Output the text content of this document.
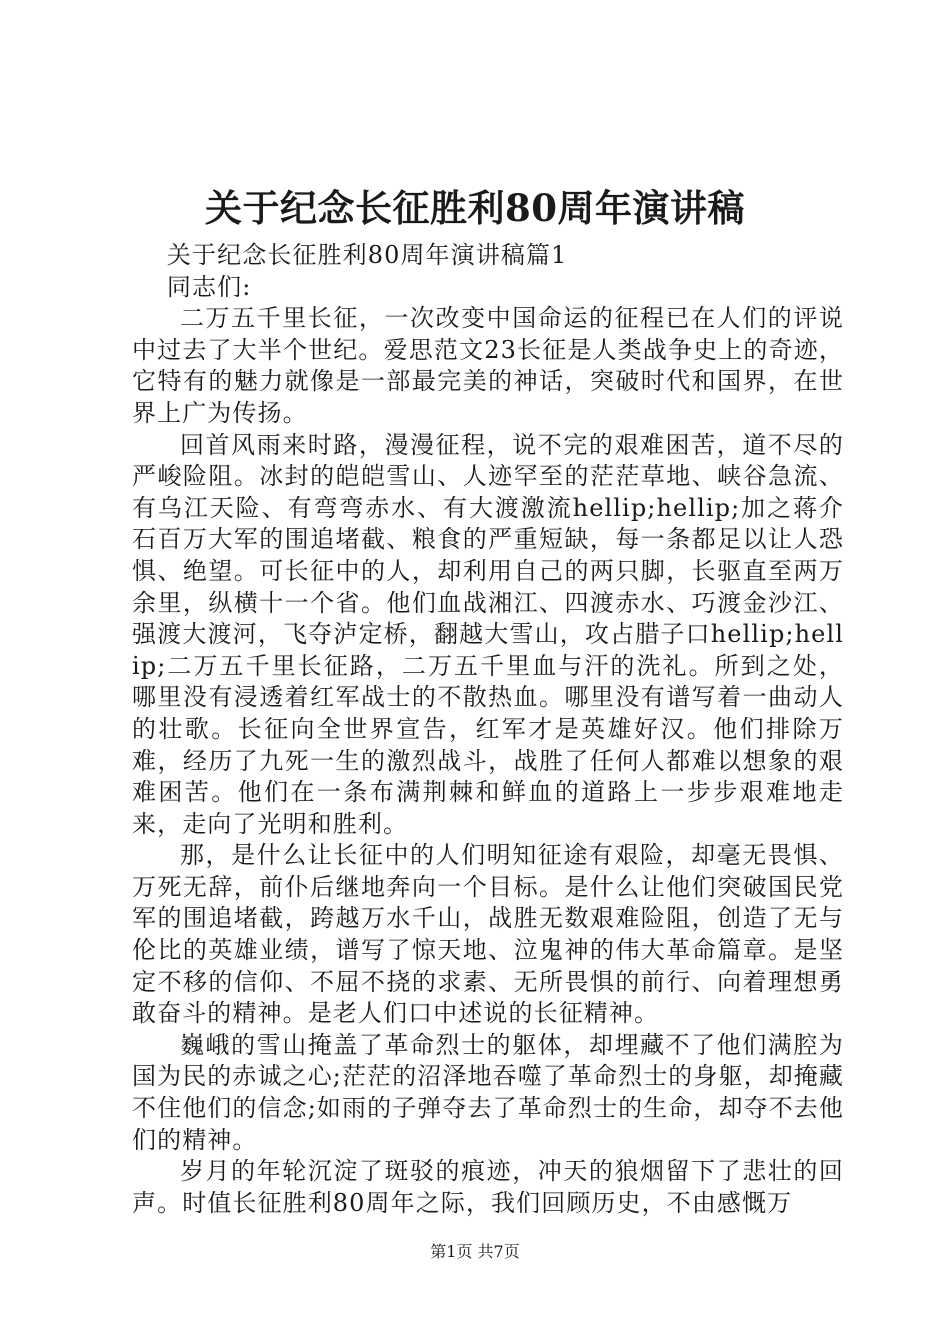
关于纪念长征胜利80周年演讲稿
关于纪念长征胜利80周年演讲稿篇1
同志们:

二万五千里长征，一次改变中国命运的征程已在人们的评说中过去了大半个世纪。爱思范文23长征是人类战争史上的奇迹，它特有的魅力就像是一部最完美的神话，突破时代和国界，在世界上广为传扬。

回首风雨来时路，漫漫征程，说不完的艰难困苦，道不尽的严峻险阻。冰封的皑皑雪山、人迹罕至的茫茫草地、峡谷急流、有乌江天险、有弯弯赤水、有大渡激流hellip;hellip;加之蒋介石百万大军的围追堵截、粮食的严重短缺，每一条都足以让人恐惧、绝望。可长征中的人，却利用自己的两只脚，长驱直至两万余里，纵横十一个省。他们血战湘江、四渡赤水、巧渡金沙江、强渡大渡河，飞夺泸定桥，翻越大雪山，攻占腊子口hellip;hellip;二万五千里长征路，二万五千里血与汗的洗礼。所到之处，哪里没有浸透着红军战士的不散热血。哪里没有谱写着一曲动人的壮歌。长征向全世界宣告，红军才是英雄好汉。他们排除万难，经历了九死一生的激烈战斗，战胜了任何人都难以想象的艰难困苦。他们在一条布满荆棘和鲜血的道路上一步步艰难地走来，走向了光明和胜利。

那，是什么让长征中的人们明知征途有艰险，却毫无畏惧、万死无辞，前仆后继地奔向一个目标。是什么让他们突破国民党军的围追堵截，跨越万水千山，战胜无数艰难险阻，创造了无与伦比的英雄业绩，谱写了惊天地、泣鬼神的伟大革命篇章。是坚定不移的信仰、不屈不挠的求素、无所畏惧的前行、向着理想勇敢奋斗的精神。是老人们口中述说的长征精神。

巍峨的雪山掩盖了革命烈士的躯体，却埋藏不了他们满腔为国为民的赤诚之心;茫茫的沼泽地吞噬了革命烈士的身躯，却掩藏不住他们的信念;如雨的子弹夺去了革命烈士的生命，却夺不去他们的精神。

岁月的年轮沉淀了斑驳的痕迹，冲天的狼烟留下了悲壮的回声。时值长征胜利80周年之际，我们回顾历史，不由感慨万

第1页 共7页
